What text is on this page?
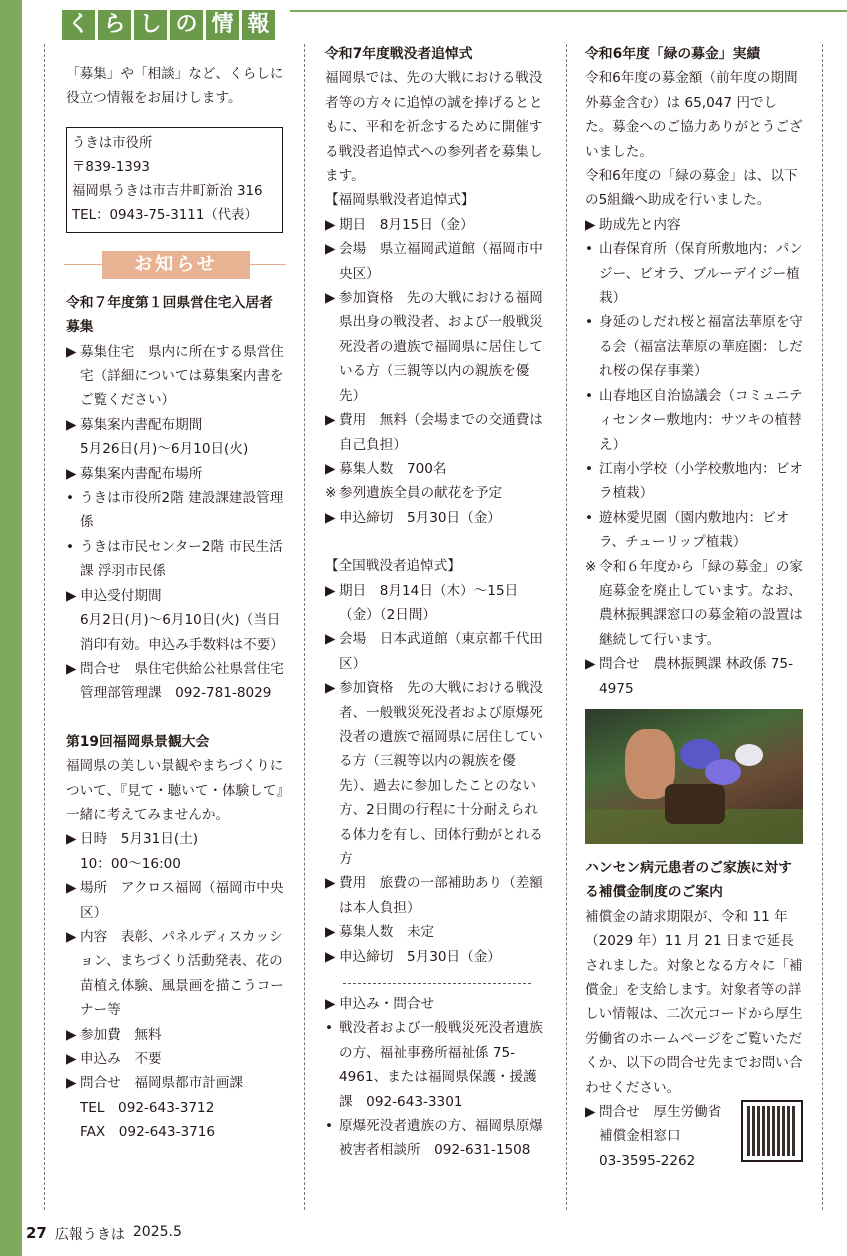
く ら し の 情 報

「募集」や「相談」など、くらしに役立つ情報をお届けします。

うきは市役所
〒839-1393
福岡県うきは市吉井町新治 316
TEL：0943-75-3111（代表）
お知らせ
令和７年度第１回県営住宅入居者募集
▶ 募集住宅　県内に所在する県営住宅（詳細については募集案内書をご覧ください）
▶ 募集案内書配布期間
5月26日(月)〜6月10日(火)
▶ 募集案内書配布場所
• うきは市役所2階 建設課建設管理係
• うきは市民センター2階 市民生活課 浮羽市民係
▶ 申込受付期間
6月2日(月)〜6月10日(火)（当日消印有効。申込み手数料は不要）
▶ 問合せ　県住宅供給公社県営住宅管理部管理課　092-781-8029
第19回福岡県景観大会

福岡県の美しい景観やまちづくりについて、『見て・聴いて・体験して』一緒に考えてみませんか。

▶ 日時　5月31日(土)
10：00〜16:00
▶ 場所　アクロス福岡（福岡市中央区）
▶ 内容　表彰、パネルディスカッション、まちづくり活動発表、花の苗植え体験、風景画を描こうコーナー等
▶ 参加費　無料
▶ 申込み　不要
▶ 問合せ　福岡県都市計画課
TEL　092-643-3712
FAX　092-643-3716
令和7年度戦没者追悼式

福岡県では、先の大戦における戦没者等の方々に追悼の誠を捧げるとともに、平和を祈念するために開催する戦没者追悼式への参列者を募集します。

【福岡県戦没者追悼式】
▶ 期日　8月15日（金）
▶ 会場　県立福岡武道館（福岡市中央区）
▶ 参加資格　先の大戦における福岡県出身の戦没者、および一般戦災死没者の遺族で福岡県に居住している方（三親等以内の親族を優先）
▶ 費用　無料（会場までの交通費は自己負担）
▶ 募集人数　700名
※ 参列遺族全員の献花を予定
▶ 申込締切　5月30日（金）
【全国戦没者追悼式】
▶ 期日　8月14日（木）〜15日（金）（2日間）
▶ 会場　日本武道館（東京都千代田区）
▶ 参加資格　先の大戦における戦没者、一般戦災死没者および原爆死没者の遺族で福岡県に居住している方（三親等以内の親族を優先）、過去に参加したことのない方、2日間の行程に十分耐えられる体力を有し、団体行動がとれる方
▶ 費用　旅費の一部補助あり（差額は本人負担）
▶ 募集人数　未定
▶ 申込締切　5月30日（金）
▶ 申込み・問合せ
• 戦没者および一般戦災死没者遺族の方、福祉事務所福祉係 75-4961、または福岡県保護・援護課　092-643-3301
• 原爆死没者遺族の方、福岡県原爆被害者相談所　092-631-1508
令和6年度「緑の募金」実績

令和6年度の募金額（前年度の期間外募金含む）は 65,047 円でした。募金へのご協力ありがとうございました。

令和6年度の「緑の募金」は、以下の5組織へ助成を行いました。

▶ 助成先と内容
• 山春保育所（保育所敷地内：パンジー、ビオラ、ブルーデイジー植栽）
• 身延のしだれ桜と福富法華原を守る会（福富法華原の華庭園：しだれ桜の保存事業）
• 山春地区自治協議会（コミュニティセンター敷地内：サツキの植替え）
• 江南小学校（小学校敷地内：ビオラ植栽）
• 遊林愛児園（園内敷地内：ビオラ、チューリップ植栽）
※ 令和６年度から「緑の募金」の家庭募金を廃止しています。なお、農林振興課窓口の募金箱の設置は継続して行います。
▶ 問合せ　農林振興課 林政係 75-4975
ハンセン病元患者のご家族に対する補償金制度のご案内

補償金の請求期限が、令和 11 年（2029 年）11 月 21 日まで延長されました。対象となる方々に「補償金」を支給します。対象者等の詳しい情報は、二次元コードから厚生労働省のホームページをご覧いただくか、以下の問合せ先までお問い合わせください。

▶ 問合せ　厚生労働省
補償金相窓口
03-3595-2262
27 広報うきは 2025.5
